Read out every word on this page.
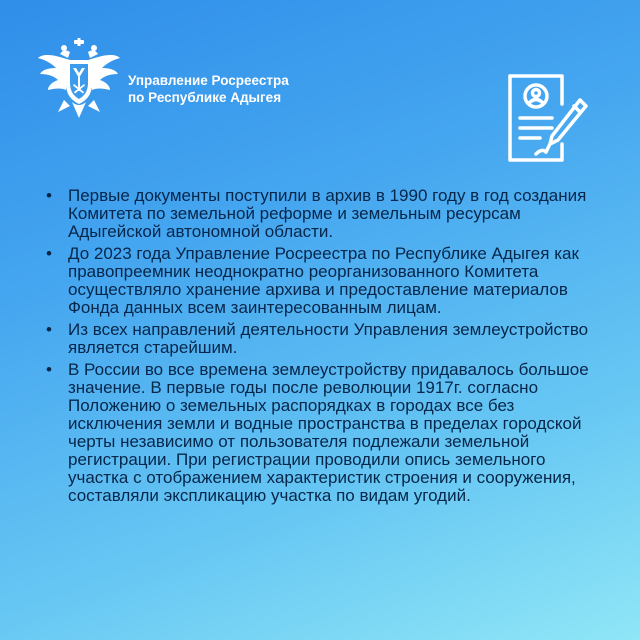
Управление Росреестра
по Республике Адыгея
• Первые документы поступили в архив в 1990 году в год создания Комитета по земельной реформе и земельным ресурсам Адыгейской автономной области.
• До 2023 года Управление Росреестра по Республике Адыгея как правопреемник неоднократно реорганизованного Комитета осуществляло хранение архива и предоставление материалов Фонда данных всем заинтересованным лицам.
• Из всех направлений деятельности Управления землеустройство является старейшим.
• В России во все времена землеустройству придавалось большое значение. В первые годы после революции 1917г. согласно Положению о земельных распорядках в городах все без исключения земли и водные пространства в пределах городской черты независимо от пользователя подлежали земельной регистрации. При регистрации проводили опись земельного участка с отображением характеристик строения и сооружения, составляли экспликацию участка по видам угодий.
